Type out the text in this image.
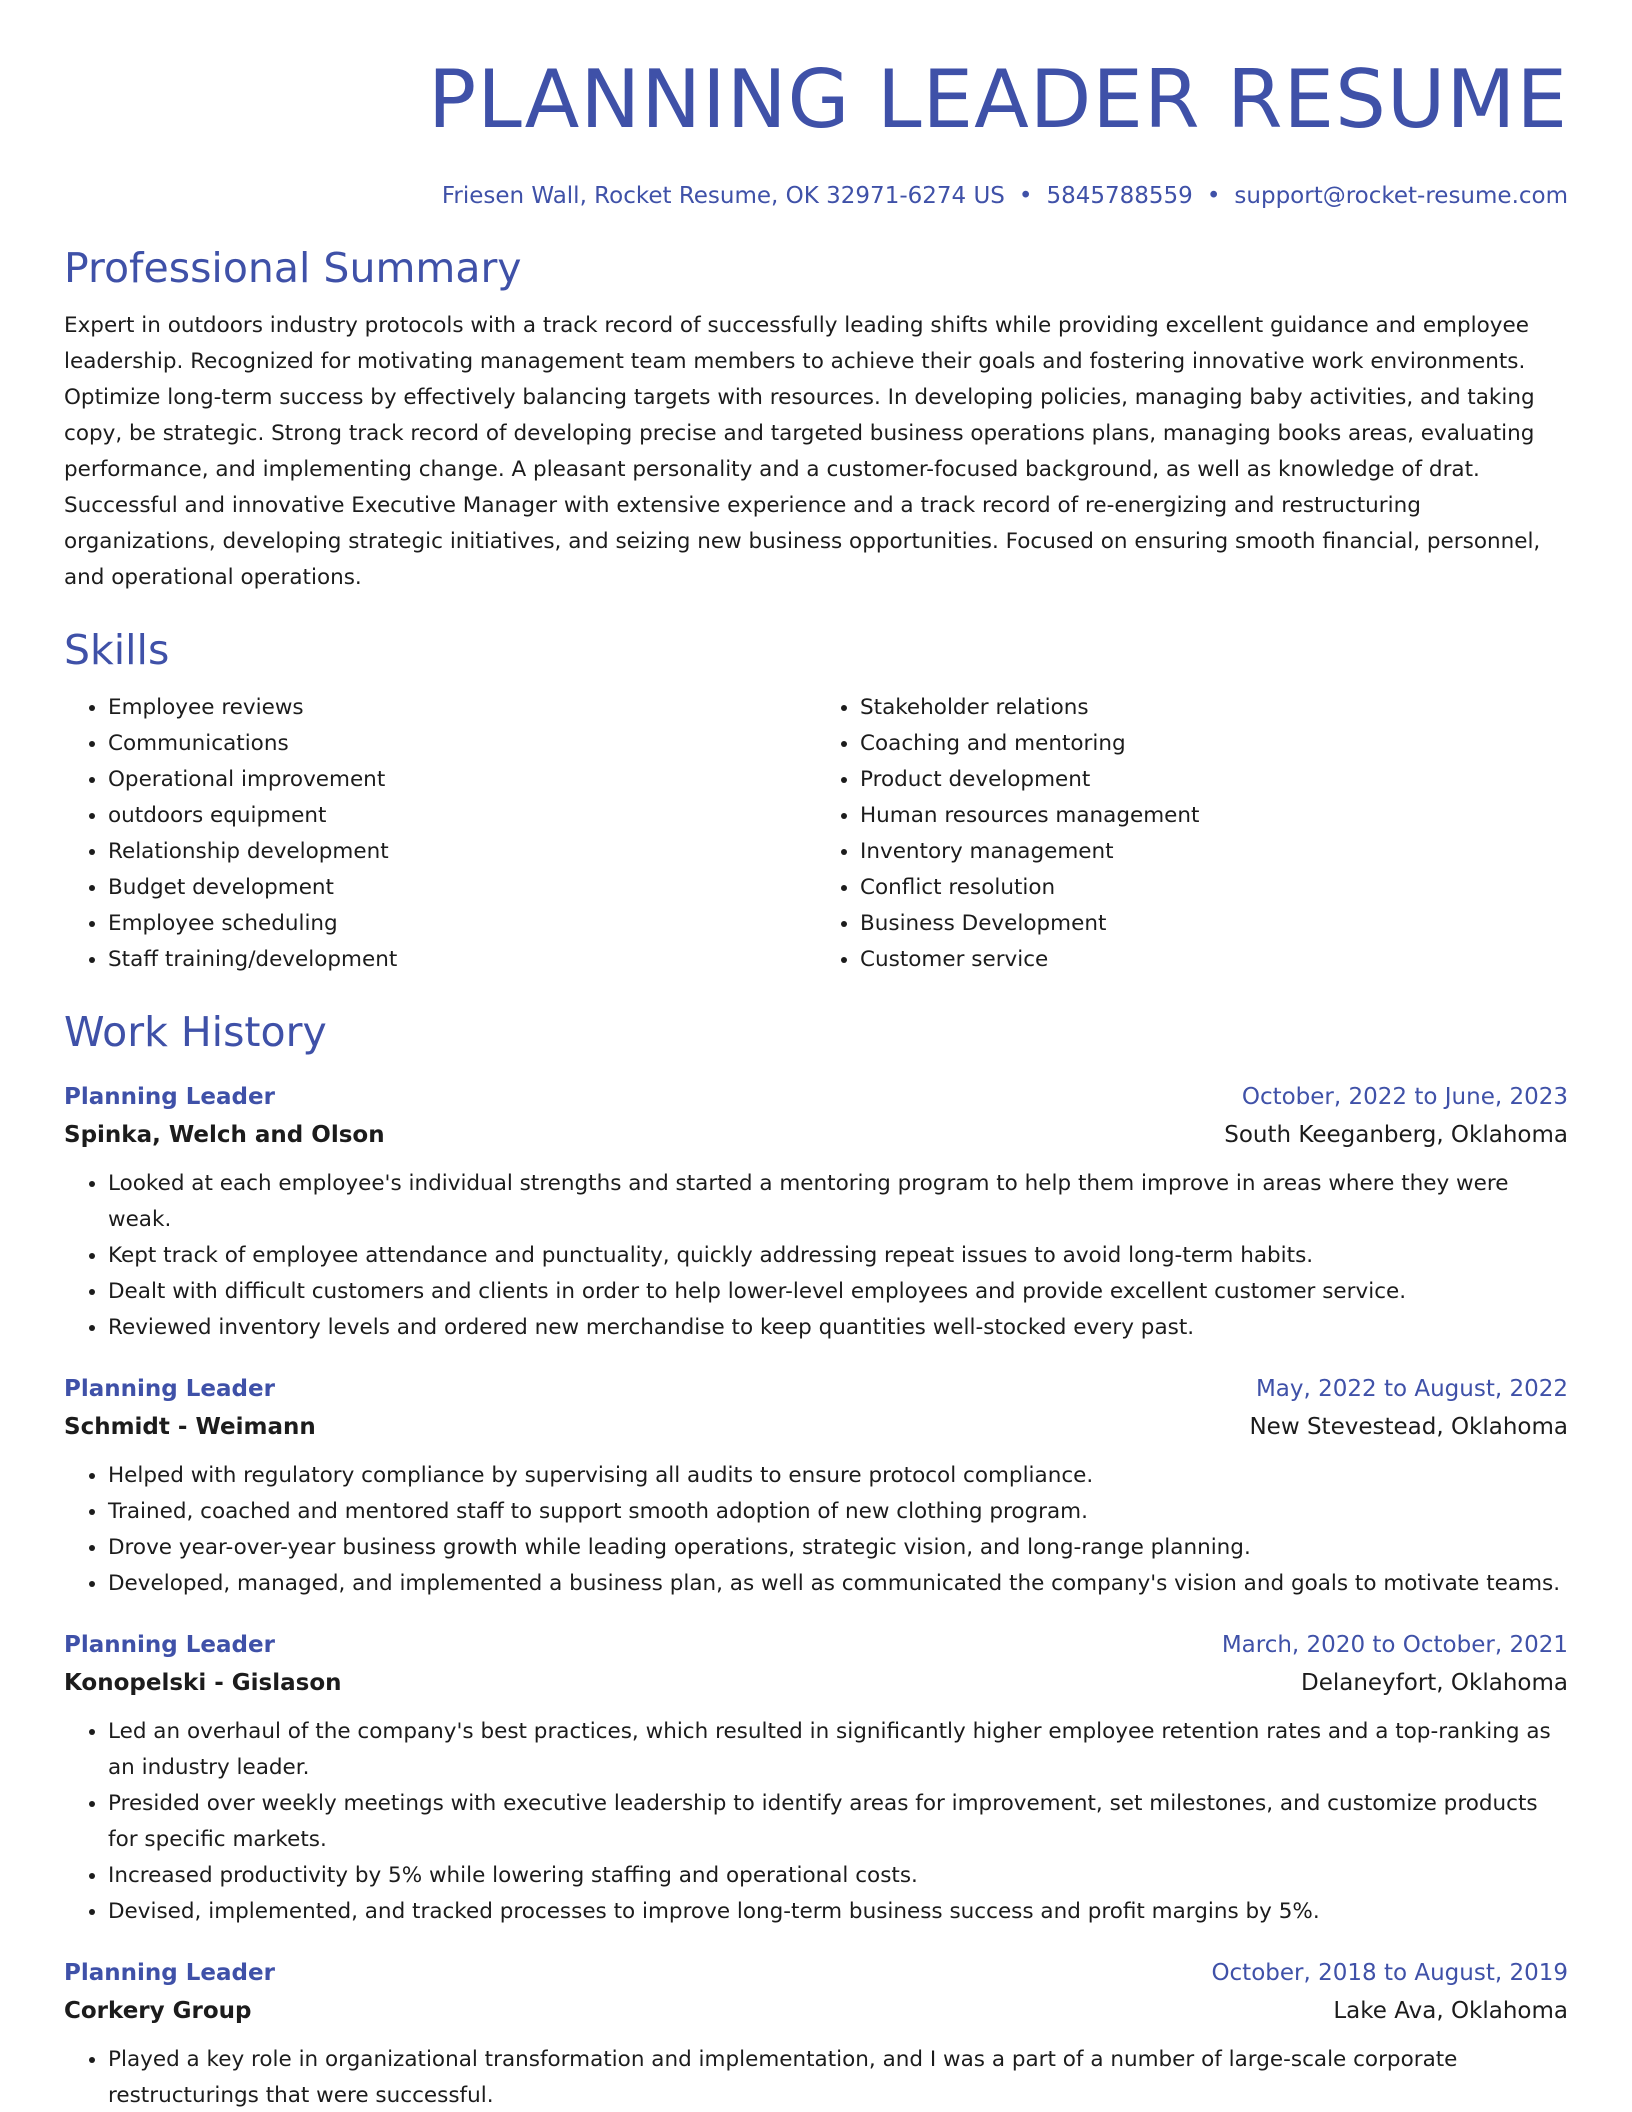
PLANNING LEADER RESUME
Friesen Wall, Rocket Resume, OK 32971-6274 US • 5845788559 • support@rocket-resume.com
Professional Summary
Expert in outdoors industry protocols with a track record of successfully leading shifts while providing excellent guidance and employee leadership. Recognized for motivating management team members to achieve their goals and fostering innovative work environments. Optimize long-term success by effectively balancing targets with resources. In developing policies, managing baby activities, and taking copy, be strategic. Strong track record of developing precise and targeted business operations plans, managing books areas, evaluating performance, and implementing change. A pleasant personality and a customer-focused background, as well as knowledge of drat. Successful and innovative Executive Manager with extensive experience and a track record of re-energizing and restructuring organizations, developing strategic initiatives, and seizing new business opportunities. Focused on ensuring smooth financial, personnel, and operational operations.
Skills
• Employee reviews
• Communications
• Operational improvement
• outdoors equipment
• Relationship development
• Budget development
• Employee scheduling
• Staff training/development
• Stakeholder relations
• Coaching and mentoring
• Product development
• Human resources management
• Inventory management
• Conflict resolution
• Business Development
• Customer service
Work History
Planning Leader	October, 2022 to June, 2023
Spinka, Welch and Olson	South Keeganberg, Oklahoma
• Looked at each employee's individual strengths and started a mentoring program to help them improve in areas where they were weak.
• Kept track of employee attendance and punctuality, quickly addressing repeat issues to avoid long-term habits.
• Dealt with difficult customers and clients in order to help lower-level employees and provide excellent customer service.
• Reviewed inventory levels and ordered new merchandise to keep quantities well-stocked every past.
Planning Leader	May, 2022 to August, 2022
Schmidt - Weimann	New Stevestead, Oklahoma
• Helped with regulatory compliance by supervising all audits to ensure protocol compliance.
• Trained, coached and mentored staff to support smooth adoption of new clothing program.
• Drove year-over-year business growth while leading operations, strategic vision, and long-range planning.
• Developed, managed, and implemented a business plan, as well as communicated the company's vision and goals to motivate teams.
Planning Leader	March, 2020 to October, 2021
Konopelski - Gislason	Delaneyfort, Oklahoma
• Led an overhaul of the company's best practices, which resulted in significantly higher employee retention rates and a top-ranking as an industry leader.
• Presided over weekly meetings with executive leadership to identify areas for improvement, set milestones, and customize products for specific markets.
• Increased productivity by 5% while lowering staffing and operational costs.
• Devised, implemented, and tracked processes to improve long-term business success and profit margins by 5%.
Planning Leader	October, 2018 to August, 2019
Corkery Group	Lake Ava, Oklahoma
• Played a key role in organizational transformation and implementation, and I was a part of a number of large-scale corporate restructurings that were successful.
